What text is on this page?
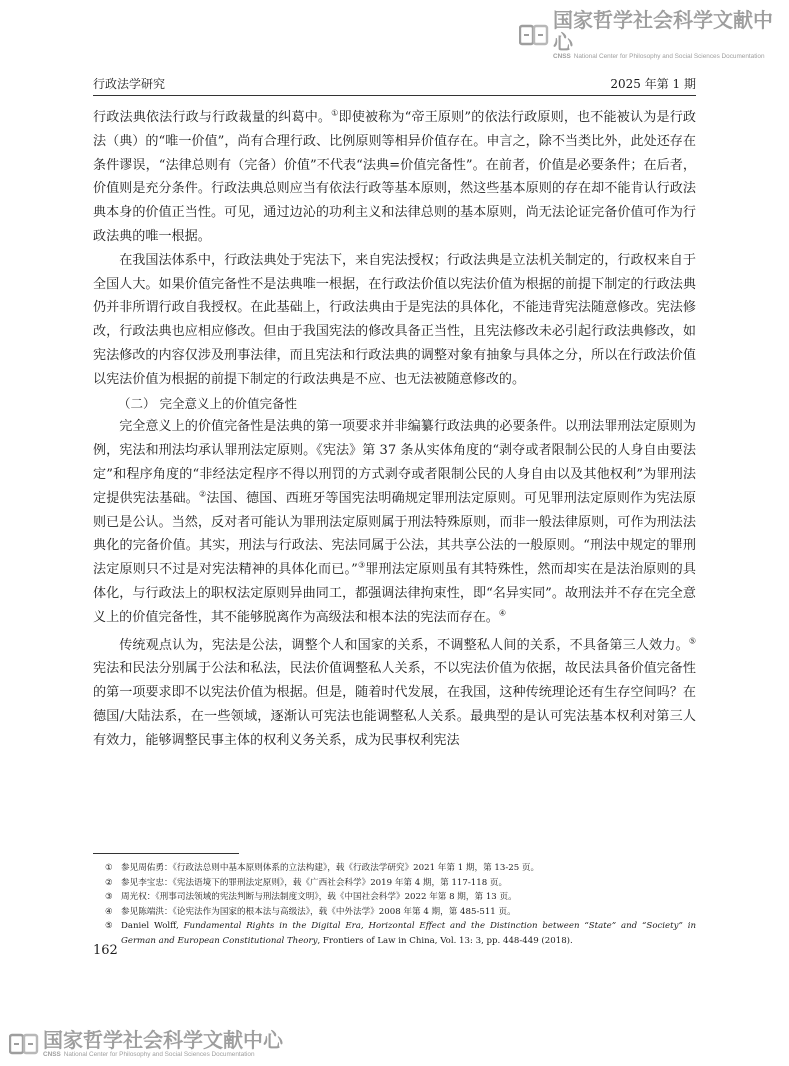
国家哲学社会科学文献中心
CNSS National Center for Philosophy and Social Sciences Documentation
行政法学研究	2025 年第 1 期

行政法典依法行政与行政裁量的纠葛中。①即使被称为“帝王原则”的依法行政原则，也不能被认为是行政法（典）的“唯一价值”，尚有合理行政、比例原则等相异价值存在。申言之，除不当类比外，此处还存在条件谬误，“法律总则有（完备）价值”不代表“法典=价值完备性”。在前者，价值是必要条件；在后者，价值则是充分条件。行政法典总则应当有依法行政等基本原则，然这些基本原则的存在却不能肯认行政法典本身的价值正当性。可见，通过边沁的功利主义和法律总则的基本原则，尚无法论证完备价值可作为行政法典的唯一根据。

在我国法体系中，行政法典处于宪法下，来自宪法授权；行政法典是立法机关制定的，行政权来自于全国人大。如果价值完备性不是法典唯一根据，在行政法价值以宪法价值为根据的前提下制定的行政法典仍并非所谓行政自我授权。在此基础上，行政法典由于是宪法的具体化，不能违背宪法随意修改。宪法修改，行政法典也应相应修改。但由于我国宪法的修改具备正当性，且宪法修改未必引起行政法典修改，如宪法修改的内容仅涉及刑事法律，而且宪法和行政法典的调整对象有抽象与具体之分，所以在行政法价值以宪法价值为根据的前提下制定的行政法典是不应、也无法被随意修改的。

（二） 完全意义上的价值完备性

完全意义上的价值完备性是法典的第一项要求并非编纂行政法典的必要条件。以刑法罪刑法定原则为例，宪法和刑法均承认罪刑法定原则。《宪法》第 37 条从实体角度的“剥夺或者限制公民的人身自由要法定”和程序角度的“非经法定程序不得以刑罚的方式剥夺或者限制公民的人身自由以及其他权利”为罪刑法定提供宪法基础。②法国、德国、西班牙等国宪法明确规定罪刑法定原则。可见罪刑法定原则作为宪法原则已是公认。当然，反对者可能认为罪刑法定原则属于刑法特殊原则，而非一般法律原则，可作为刑法法典化的完备价值。其实，刑法与行政法、宪法同属于公法，其共享公法的一般原则。“刑法中规定的罪刑法定原则只不过是对宪法精神的具体化而已。”③罪刑法定原则虽有其特殊性，然而却实在是法治原则的具体化，与行政法上的职权法定原则异曲同工，都强调法律拘束性，即“名异实同”。故刑法并不存在完全意义上的价值完备性，其不能够脱离作为高级法和根本法的宪法而存在。④

传统观点认为，宪法是公法，调整个人和国家的关系，不调整私人间的关系，不具备第三人效力。⑤宪法和民法分别属于公法和私法，民法价值调整私人关系，不以宪法价值为依据，故民法具备价值完备性的第一项要求即不以宪法价值为根据。但是，随着时代发展，在我国，这种传统理论还有生存空间吗？在德国/大陆法系，在一些领域，逐渐认可宪法也能调整私人关系。最典型的是认可宪法基本权利对第三人有效力，能够调整民事主体的权利义务关系，成为民事权利宪法

① 参见周佑勇：《行政法总则中基本原则体系的立法构建》，载《行政法学研究》2021 年第 1 期，第 13-25 页。
② 参见李宝忠：《宪法语境下的罪刑法定原则》，载《广西社会科学》2019 年第 4 期，第 117-118 页。
③ 周光权：《刑事司法领域的宪法判断与刑法制度文明》，载《中国社会科学》2022 年第 8 期，第 13 页。
④ 参见陈端洪：《论宪法作为国家的根本法与高级法》，载《中外法学》2008 年第 4 期，第 485-511 页。
⑤ Daniel Wolff, Fundamental Rights in the Digital Era, Horizontal Effect and the Distinction between “State” and “Society” in German and European Constitutional Theory, Frontiers of Law in China, Vol. 13: 3, pp. 448-449 (2018).
162
国家哲学社会科学文献中心
CNSS National Center for Philosophy and Social Sciences Documentation
